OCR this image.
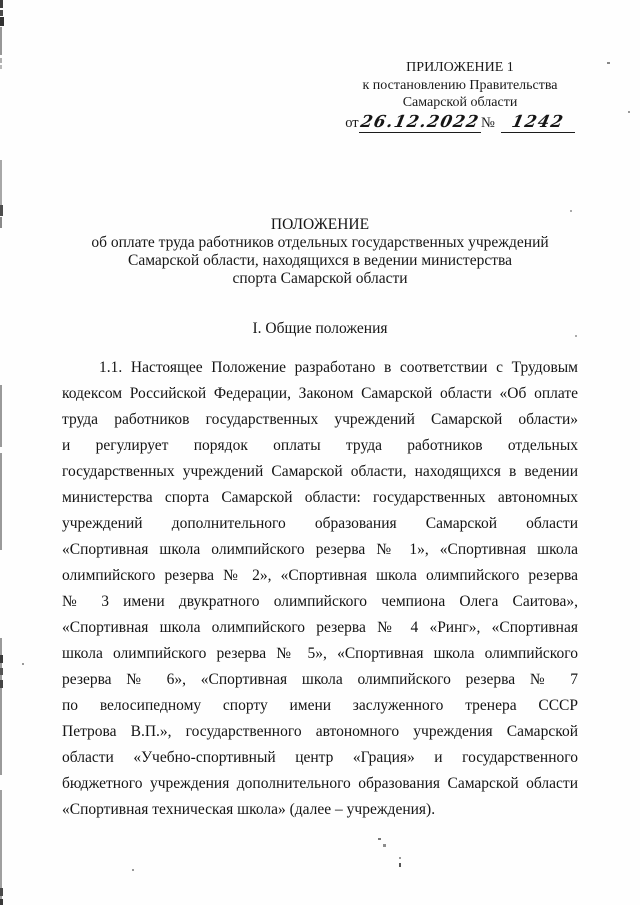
ПРИЛОЖЕНИЕ 1
к постановлению Правительства
Самарской области
от 26.12.2022 № 1242
ПОЛОЖЕНИЕ
об оплате труда работников отдельных государственных учреждений
Самарской области, находящихся в ведении министерства
спорта Самарской области
I. Общие положения
1.1. Настоящее Положение разработано в соответствии с Трудовым
кодексом Российской Федерации, Законом Самарской области «Об оплате
труда работников государственных учреждений Самарской области»
и регулирует порядок оплаты труда работников отдельных
государственных учреждений Самарской области, находящихся в ведении
министерства спорта Самарской области: государственных автономных
учреждений дополнительного образования Самарской области
«Спортивная школа олимпийского резерва № 1», «Спортивная школа
олимпийского резерва № 2», «Спортивная школа олимпийского резерва
№ 3 имени двукратного олимпийского чемпиона Олега Саитова»,
«Спортивная школа олимпийского резерва № 4 «Ринг», «Спортивная
школа олимпийского резерва № 5», «Спортивная школа олимпийского
резерва № 6», «Спортивная школа олимпийского резерва № 7
по велосипедному спорту имени заслуженного тренера СССР
Петрова В.П.», государственного автономного учреждения Самарской
области «Учебно-спортивный центр «Грация» и государственного
бюджетного учреждения дополнительного образования Самарской области
«Спортивная техническая школа» (далее – учреждения).
